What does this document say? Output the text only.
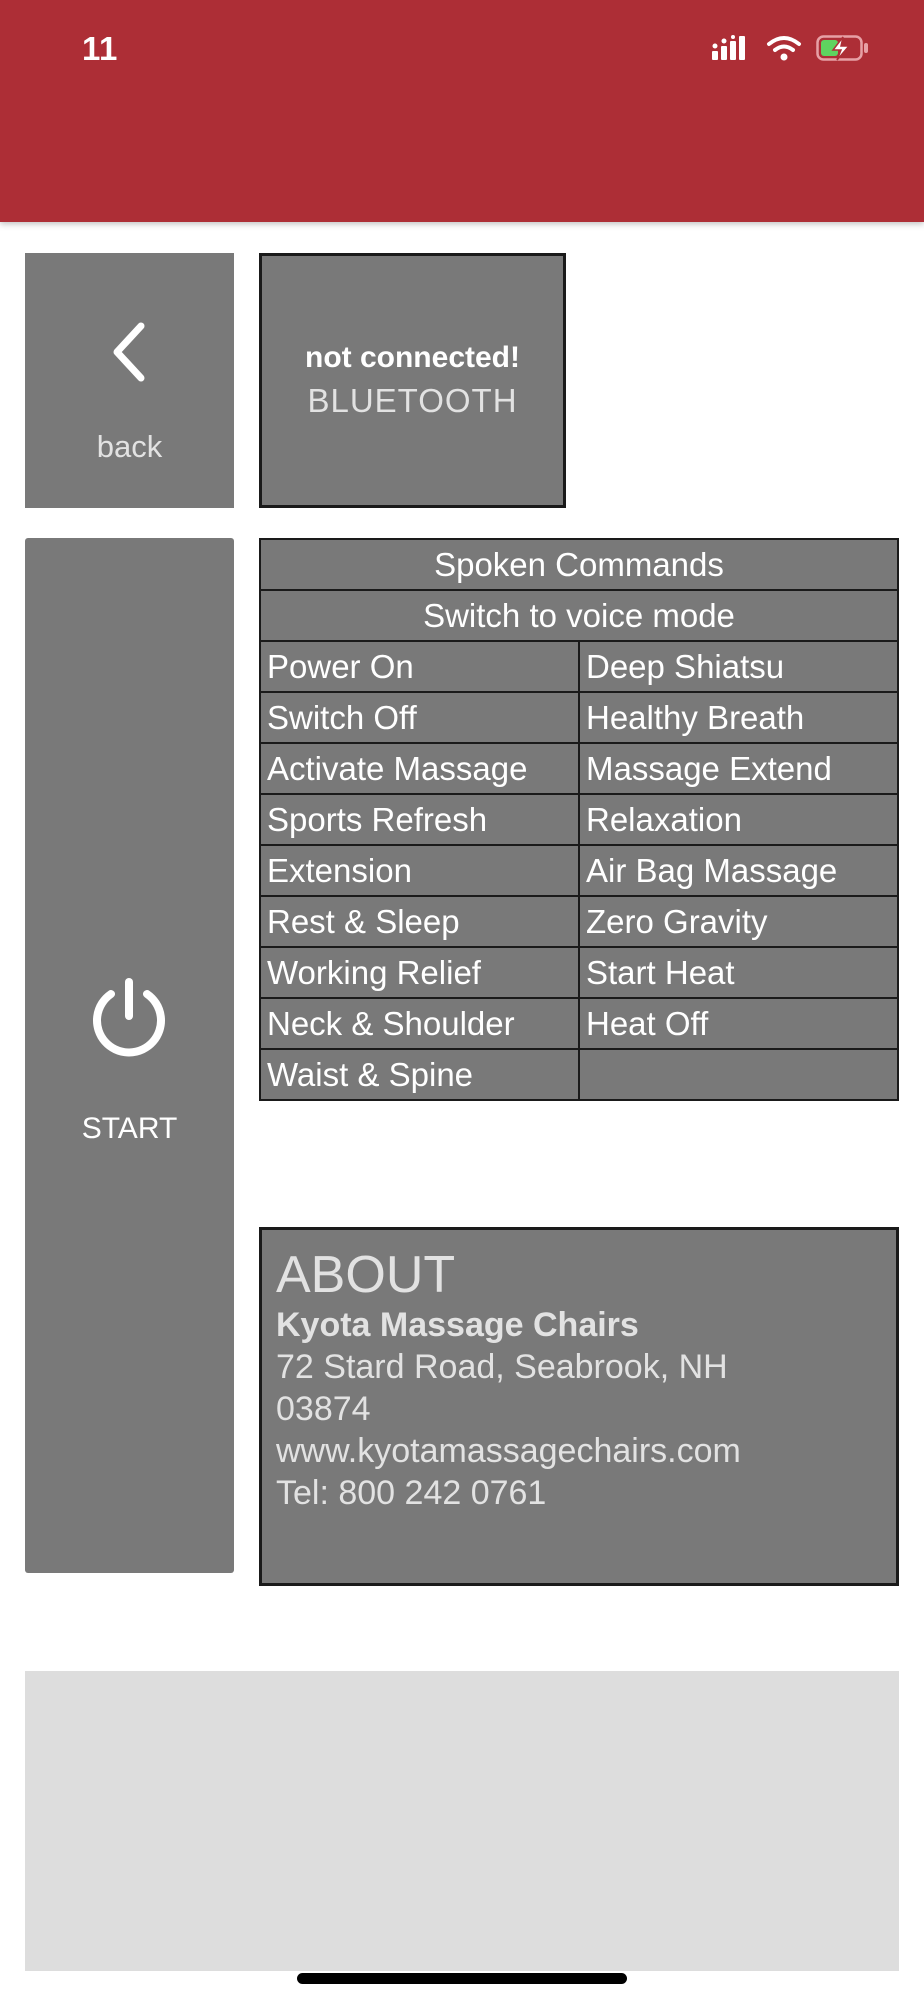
11
back
not connected!
BLUETOOTH
START
Spoken Commands	
Switch to voice mode	
Power On	Deep Shiatsu
Switch Off	Healthy Breath
Activate Massage	Massage Extend
Sports Refresh	Relaxation
Extension	Air Bag Massage
Rest & Sleep	Zero Gravity
Working Relief	Start Heat
Neck & Shoulder	Heat Off
Waist & Spine	

ABOUT

Kyota Massage Chairs

72 Stard Road, Seabrook, NH

03874

www.kyotamassagechairs.com

Tel: 800 242 0761
